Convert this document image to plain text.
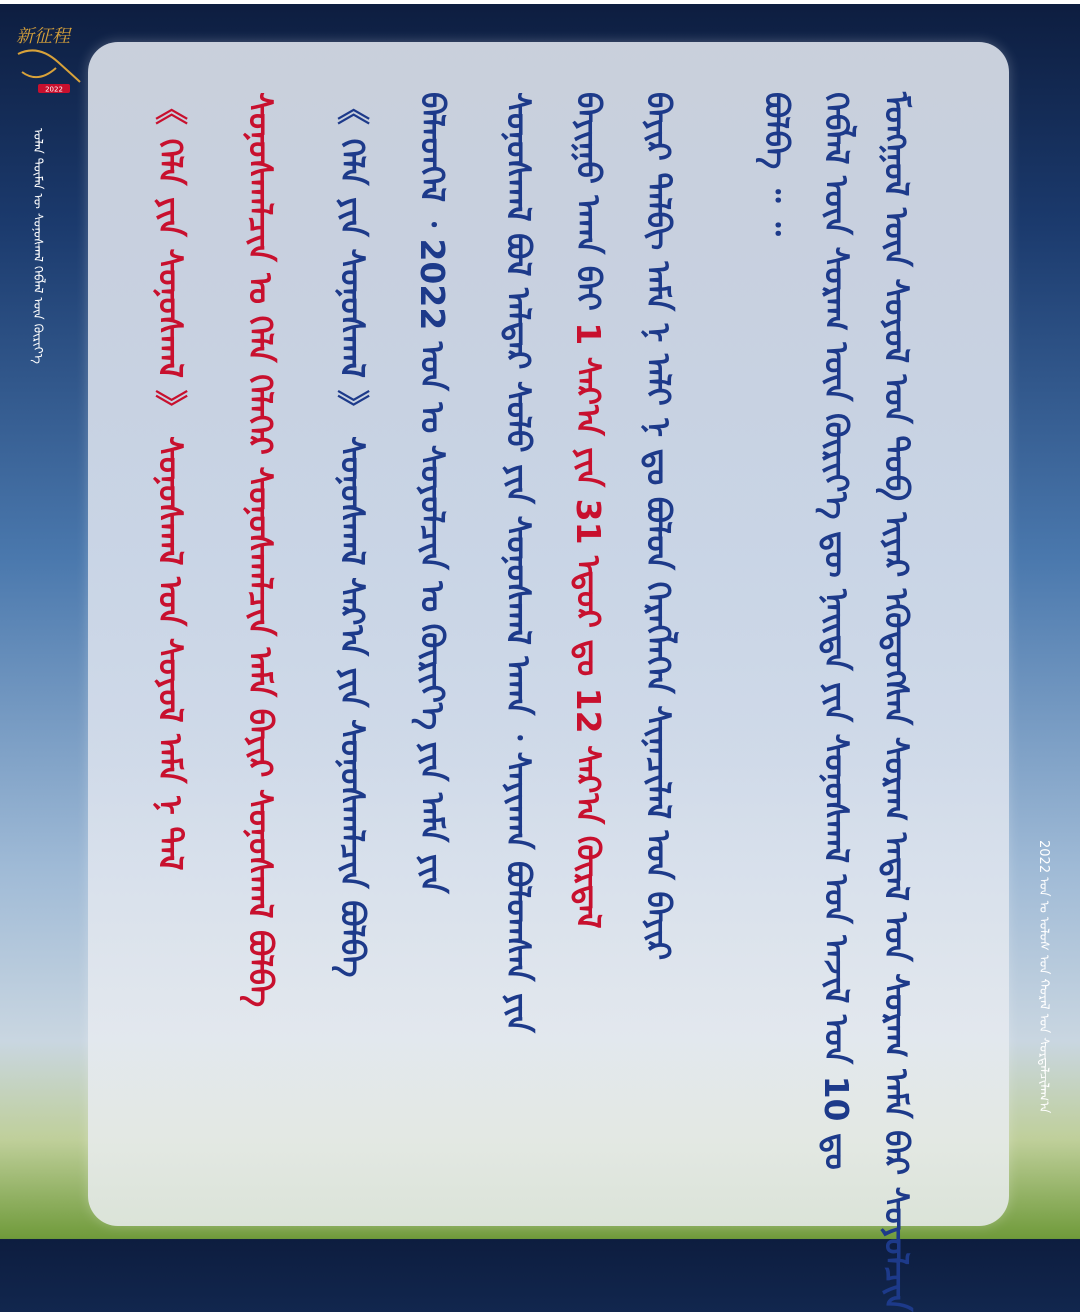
新征程
2022
ᠣᠯᠠᠨ ᠲᠦᠮᠡᠨ ᠦ ᠰᠣᠨᠣᠰᠬᠠᠯ ᠬᠡᠪᠯᠡᠯ ᠦᠨ ᠬᠦᠷᠢᠶ᠎ᠡ
2022 ᠣᠨ ᠤ ᠤᠯᠤᠰ ᠤᠨ ᠬᠤᠷᠠᠯ ᠤᠨ ᠰᠤᠷᠲᠠᠯᠴᠢᠯᠠᠭ᠎ᠠ
ᠮᠣᠩᠭᠤᠯ ᠦᠨ ᠰᠣᠶᠣᠯ ᠤᠨ ᠲᠣᠪ ᠢᠶᠠᠷ ᠡᠭᠦᠳᠦᠭᠰᠡᠨ ᠰᠤᠷᠠᠭ ᠠᠳᠠᠯ ᠤᠨ ᠰᠤᠷᠠᠭ ᠠᠮᠠ ᠪᠠᠷ ᠰᠣᠶᠣᠯᠴᠢᠨ
ᠬᠡᠪᠯᠡᠯ ᠦᠨ ᠰᠤᠷᠠᠭ ᠦᠨ ᠬᠦᠷᠢᠶ᠎ᠡ ᠳᠦ ᠨᠡᠢᠲᠡ ᠶᠢᠨ ᠰᠣᠨᠣᠰᠬᠠᠯ ᠤᠨ ᠠᠵᠢᠯ ᠤᠨ 10 ᠳᠤ
ᠪᠣᠯᠪᠠ ᠃ ᠃
ᠪᠠᠶᠢᠷ ᠲᠠᠯᠪᠢ ᠠᠮᠠ ᠨ ᠠᠯᠢ ᠨ ᠳᠤ ᠪᠣᠯᠤᠨ ᠬᠡᠷᠡᠭᠯᠡᠭᠡᠨ ᠰᠢᠨᠡᠴᠢᠯᠡᠯ ᠤᠨ ᠪᠠᠶᠢᠷ
ᠪᠠᠶᠢᠭᠤ ᠠᠬᠠ ᠪᠠᠢ 1 ᠰᠠᠷ᠎ᠠ ᠶᠢᠨ 31 ᠡᠳᠦᠷ ᠳᠤ 12 ᠰᠠᠷ᠎ᠠ ᠬᠦᠷᠲᠡᠯ
ᠰᠣᠨᠣᠰᠬᠠᠯ ᠪᠣᠯ ᠠᠯᠳᠠᠷ ᠰᠣᠯᠣ ᠶᠢᠨ ᠰᠣᠨᠣᠰᠬᠠᠯ ᠠᠬᠠ ᠂ ᠰᠠᠶᠢᠬᠠᠨ ᠪᠣᠯᠤᠭᠰᠠᠨ ᠶᠢᠨ
ᠪᠡᠯᠡᠳᠬᠡᠯ ᠂ 2022 ᠣᠨ ᠤ ᠰᠣᠶᠣᠯᠴᠢᠨ ᠤ ᠬᠦᠷᠢᠶ᠎ᠡ ᠶᠢᠨ ᠠᠮᠠ ᠶᠢᠨ
《 ᠬᠡᠯᠡ ᠶᠢᠨ ᠰᠣᠨᠣᠰᠬᠠᠯ 》 ᠰᠣᠨᠣᠰᠬᠠᠯ ᠰᠠᠷ᠎ᠠ ᠶᠢᠨ ᠰᠣᠨᠣᠰᠬᠠᠯᠴᠢᠨ ᠪᠣᠯᠪᠠ
ᠰᠣᠨᠣᠰᠬᠠᠯᠴᠢᠨ ᠤ ᠬᠡᠯᠡ ᠬᠡᠯᠡᠭᠡᠷ ᠰᠣᠨᠣᠰᠬᠠᠯᠴᠢᠨ ᠠᠮᠠ ᠪᠠᠶᠢᠷ ᠰᠣᠨᠣᠰᠬᠠᠯ ᠪᠣᠯᠪᠠ
《 ᠬᠡᠯᠡ ᠶᠢᠨ ᠰᠣᠨᠣᠰᠬᠠᠯ 》 ᠰᠣᠨᠣᠰᠬᠠᠯ ᠤᠨ ᠰᠣᠶᠣᠯ ᠠᠮᠠ ᠨ ᠲᠠᠯ
